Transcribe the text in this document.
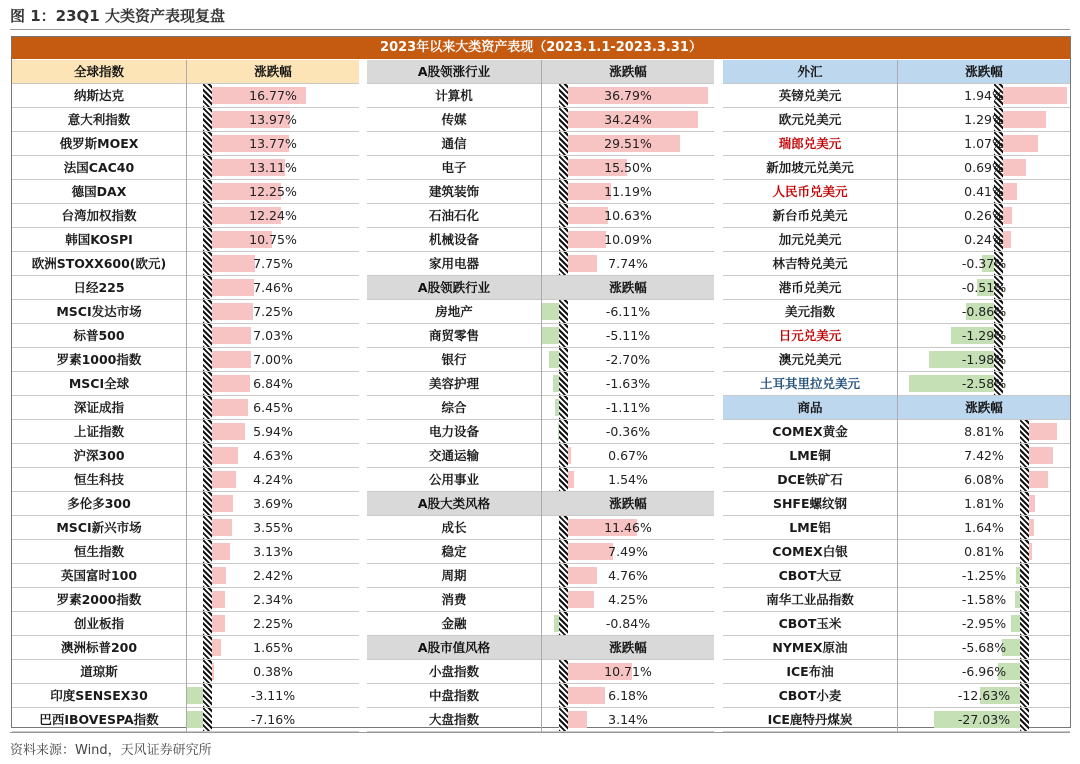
图 1：23Q1 大类资产表现复盘
2023年以来大类资产表现（2023.1.1-2023.3.31）
全球指数	涨跌幅
纳斯达克	16.77%
意大利指数	13.97%
俄罗斯MOEX	13.77%
法国CAC40	13.11%
德国DAX	12.25%
台湾加权指数	12.24%
韩国KOSPI	10.75%
欧洲STOXX600(欧元)	7.75%
日经225	7.46%
MSCI发达市场	7.25%
标普500	7.03%
罗素1000指数	7.00%
MSCI全球	6.84%
深证成指	6.45%
上证指数	5.94%
沪深300	4.63%
恒生科技	4.24%
多伦多300	3.69%
MSCI新兴市场	3.55%
恒生指数	3.13%
英国富时100	2.42%
罗素2000指数	2.34%
创业板指	2.25%
澳洲标普200	1.65%
道琼斯	0.38%
印度SENSEX30	-3.11%
巴西IBOVESPA指数	-7.16%
A股领涨行业	涨跌幅
计算机	36.79%
传媒	34.24%
通信	29.51%
电子	15.50%
建筑装饰	11.19%
石油石化	10.63%
机械设备	10.09%
家用电器	7.74%
A股领跌行业	涨跌幅
房地产	-6.11%
商贸零售	-5.11%
银行	-2.70%
美容护理	-1.63%
综合	-1.11%
电力设备	-0.36%
交通运输	0.67%
公用事业	1.54%
A股大类风格	涨跌幅
成长	11.46%
稳定	7.49%
周期	4.76%
消费	4.25%
金融	-0.84%
A股市值风格	涨跌幅
小盘指数	10.71%
中盘指数	6.18%
大盘指数	3.14%
外汇	涨跌幅
英镑兑美元	1.94%
欧元兑美元	1.29%
瑞郎兑美元	1.07%
新加坡元兑美元	0.69%
人民币兑美元	0.41%
新台币兑美元	0.26%
加元兑美元	0.24%
林吉特兑美元	-0.37%
港币兑美元	-0.51%
美元指数	-0.86%
日元兑美元	-1.29%
澳元兑美元	-1.98%
土耳其里拉兑美元	-2.58%
商品	涨跌幅
COMEX黄金	8.81%
LME铜	7.42%
DCE铁矿石	6.08%
SHFE螺纹钢	1.81%
LME铝	1.64%
COMEX白银	0.81%
CBOT大豆	-1.25%
南华工业品指数	-1.58%
CBOT玉米	-2.95%
NYMEX原油	-5.68%
ICE布油	-6.96%
CBOT小麦	-12.63%
ICE鹿特丹煤炭	-27.03%
资料来源：Wind，天风证券研究所
